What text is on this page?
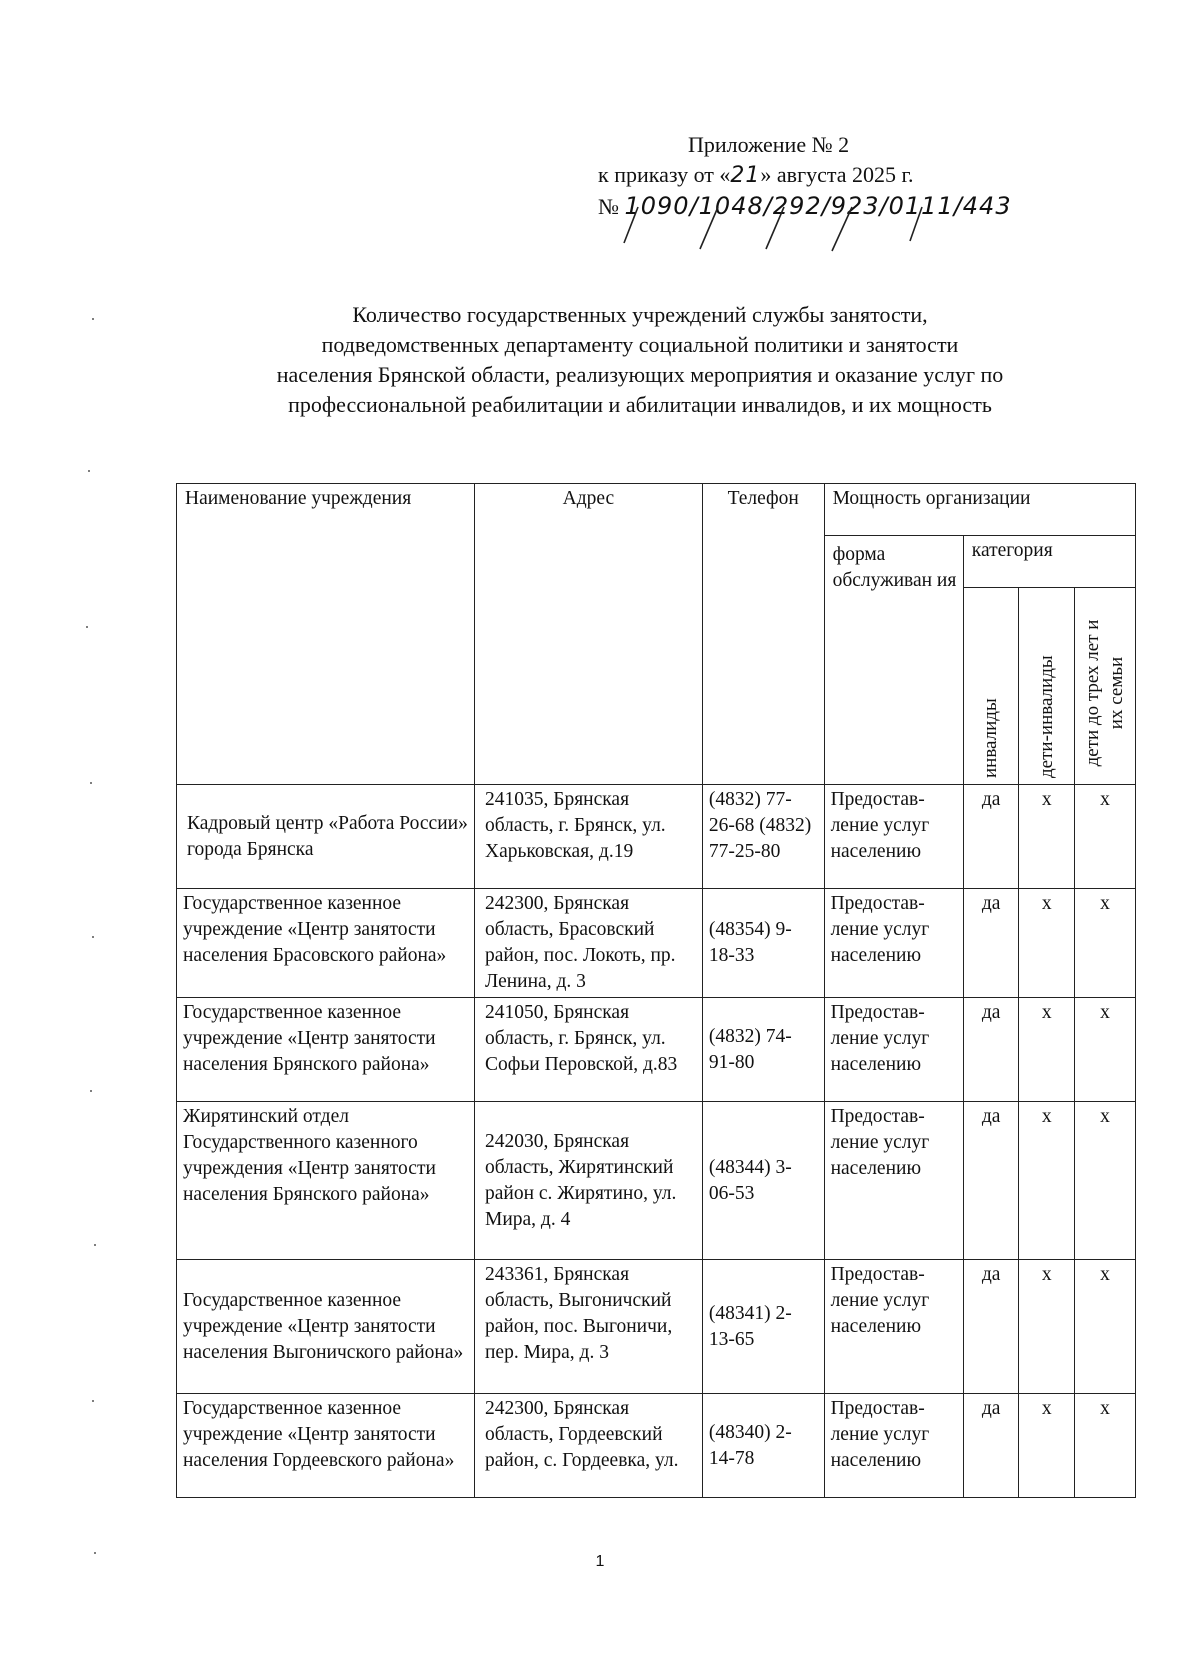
Приложение № 2
к приказу от «21» августа 2025 г.
№ 1090/1048/292/923/0111/443
Количество государственных учреждений службы занятости,
подведомственных департаменту социальной политики и занятости
населения Брянской области, реализующих мероприятия и оказание услуг по
профессиональной реабилитации и абилитации инвалидов, и их мощность
Наименование учреждения	Адрес	Телефон	Мощность организации			
			форма обслуживан ия	категория		

				инвалиды	дети-инвалиды	дети до трех лет и их семьи

Кадровый центр «Работа России» города Брянска	241035, Брянская область, г. Брянск, ул. Харьковская, д.19	(4832) 77-26-68 (4832) 77-25-80	Предостав-ление услуг населению	да	х	х
Государственное казенное учреждение «Центр занятости населения Брасовского района»	242300, Брянская область, Брасовский район, пос. Локоть, пр. Ленина, д. 3	(48354) 9-18-33	Предостав-ление услуг населению	да	х	х
Государственное казенное учреждение «Центр занятости населения Брянского района»	241050, Брянская область, г. Брянск, ул. Софьи Перовской, д.83	(4832) 74-91-80	Предостав-ление услуг населению	да	х	х
Жирятинский отдел Государственного казенного учреждения «Центр занятости населения Брянского района»	242030, Брянская область, Жирятинский район с. Жирятино, ул. Мира, д. 4	(48344) 3-06-53	Предостав-ление услуг населению	да	х	х
Государственное казенное учреждение «Центр занятости населения Выгоничского района»	243361, Брянская область, Выгоничский район, пос. Выгоничи, пер. Мира, д. 3	(48341) 2-13-65	Предостав-ление услуг населению	да	х	х
Государственное казенное учреждение «Центр занятости населения Гордеевского района»	242300, Брянская область, Гордеевский район, с. Гордеевка, ул.	(48340) 2-14-78	Предостав-ление услуг населению	да	х	х
1
